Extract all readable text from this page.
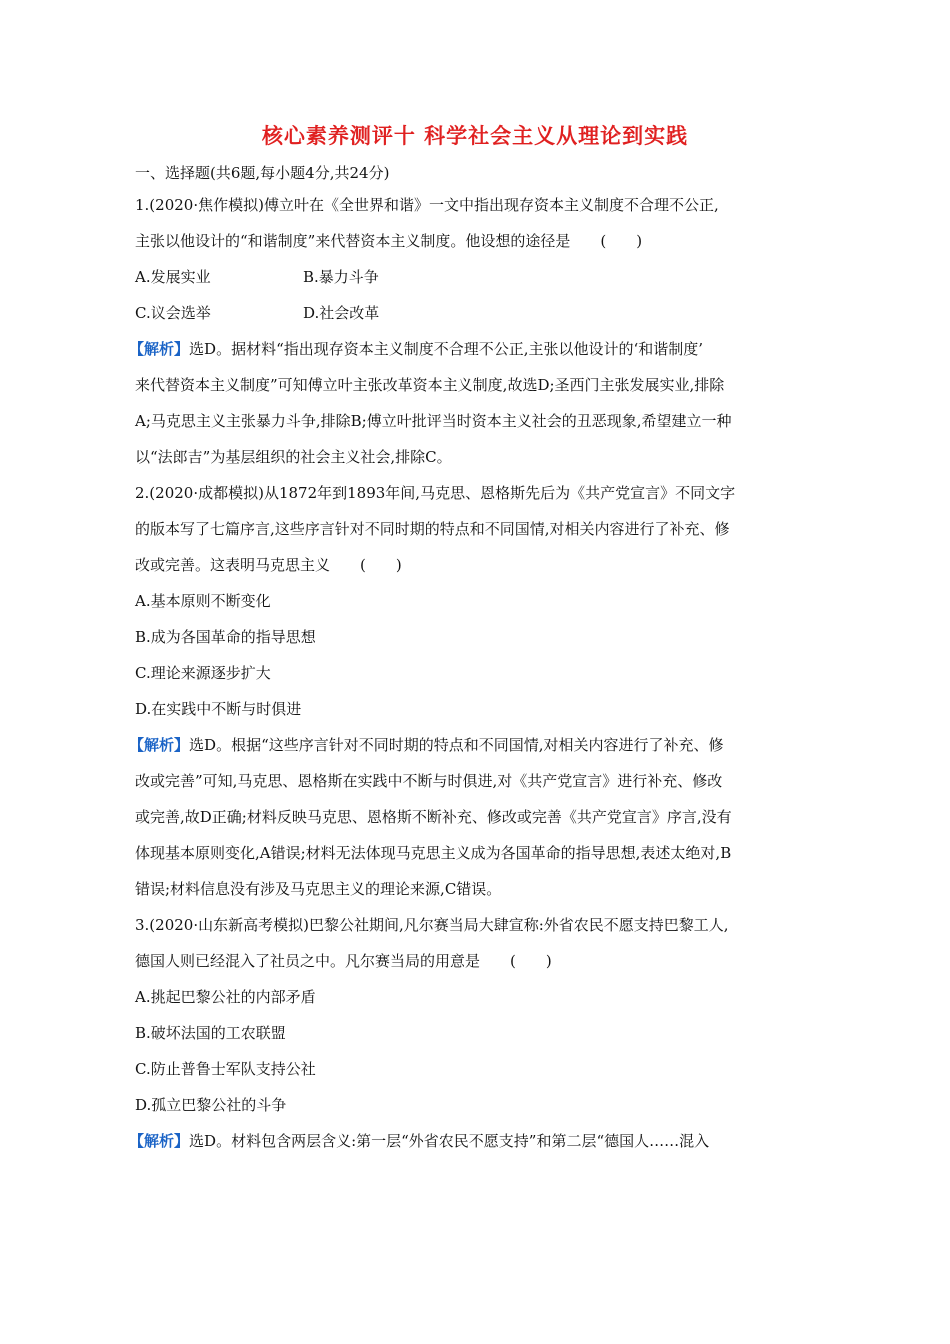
核心素养测评十 科学社会主义从理论到实践
一、选择题(共6题,每小题4分,共24分)
1.(2020·焦作模拟)傅立叶在《全世界和谐》一文中指出现存资本主义制度不合理不公正,
主张以他设计的“和谐制度”来代替资本主义制度。他设想的途径是　　(　　)
A.发展实业	B.暴力斗争
C.议会选举	D.社会改革
【解析】选D。据材料“指出现存资本主义制度不合理不公正,主张以他设计的‘和谐制度’
来代替资本主义制度”可知傅立叶主张改革资本主义制度,故选D;圣西门主张发展实业,排除
A;马克思主义主张暴力斗争,排除B;傅立叶批评当时资本主义社会的丑恶现象,希望建立一种
以“法郎吉”为基层组织的社会主义社会,排除C。
2.(2020·成都模拟)从1872年到1893年间,马克思、恩格斯先后为《共产党宣言》不同文字
的版本写了七篇序言,这些序言针对不同时期的特点和不同国情,对相关内容进行了补充、修
改或完善。这表明马克思主义　　(　　)
A.基本原则不断变化
B.成为各国革命的指导思想
C.理论来源逐步扩大
D.在实践中不断与时俱进
【解析】选D。根据“这些序言针对不同时期的特点和不同国情,对相关内容进行了补充、修
改或完善”可知,马克思、恩格斯在实践中不断与时俱进,对《共产党宣言》进行补充、修改
或完善,故D正确;材料反映马克思、恩格斯不断补充、修改或完善《共产党宣言》序言,没有
体现基本原则变化,A错误;材料无法体现马克思主义成为各国革命的指导思想,表述太绝对,B
错误;材料信息没有涉及马克思主义的理论来源,C错误。
3.(2020·山东新高考模拟)巴黎公社期间,凡尔赛当局大肆宣称:外省农民不愿支持巴黎工人,
德国人则已经混入了社员之中。凡尔赛当局的用意是　　(　　)
A.挑起巴黎公社的内部矛盾
B.破坏法国的工农联盟
C.防止普鲁士军队支持公社
D.孤立巴黎公社的斗争
【解析】选D。材料包含两层含义:第一层“外省农民不愿支持”和第二层“德国人……混入
